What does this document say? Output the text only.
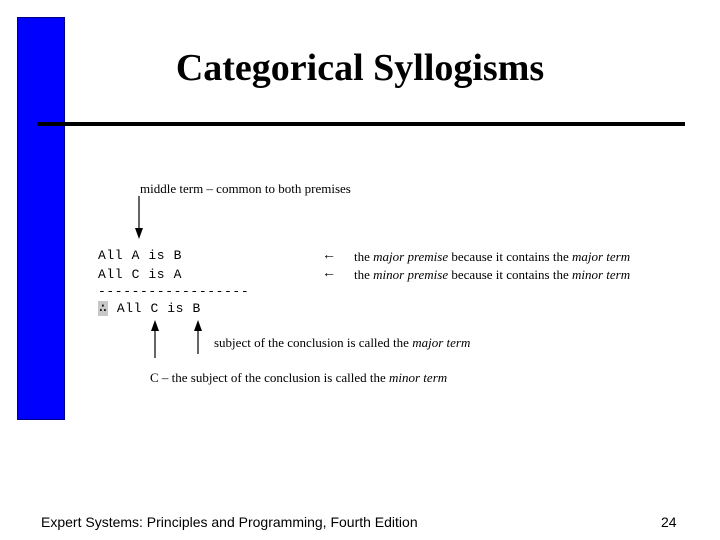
Categorical Syllogisms
middle term – common to both premises
All A is B
All C is A
------------------
∴ All C is B
← the major premise because it contains the major term
← the minor premise because it contains the minor term
subject of the conclusion is called the major term
C – the subject of the conclusion is called the minor term
Expert Systems: Principles and Programming, Fourth Edition	24
